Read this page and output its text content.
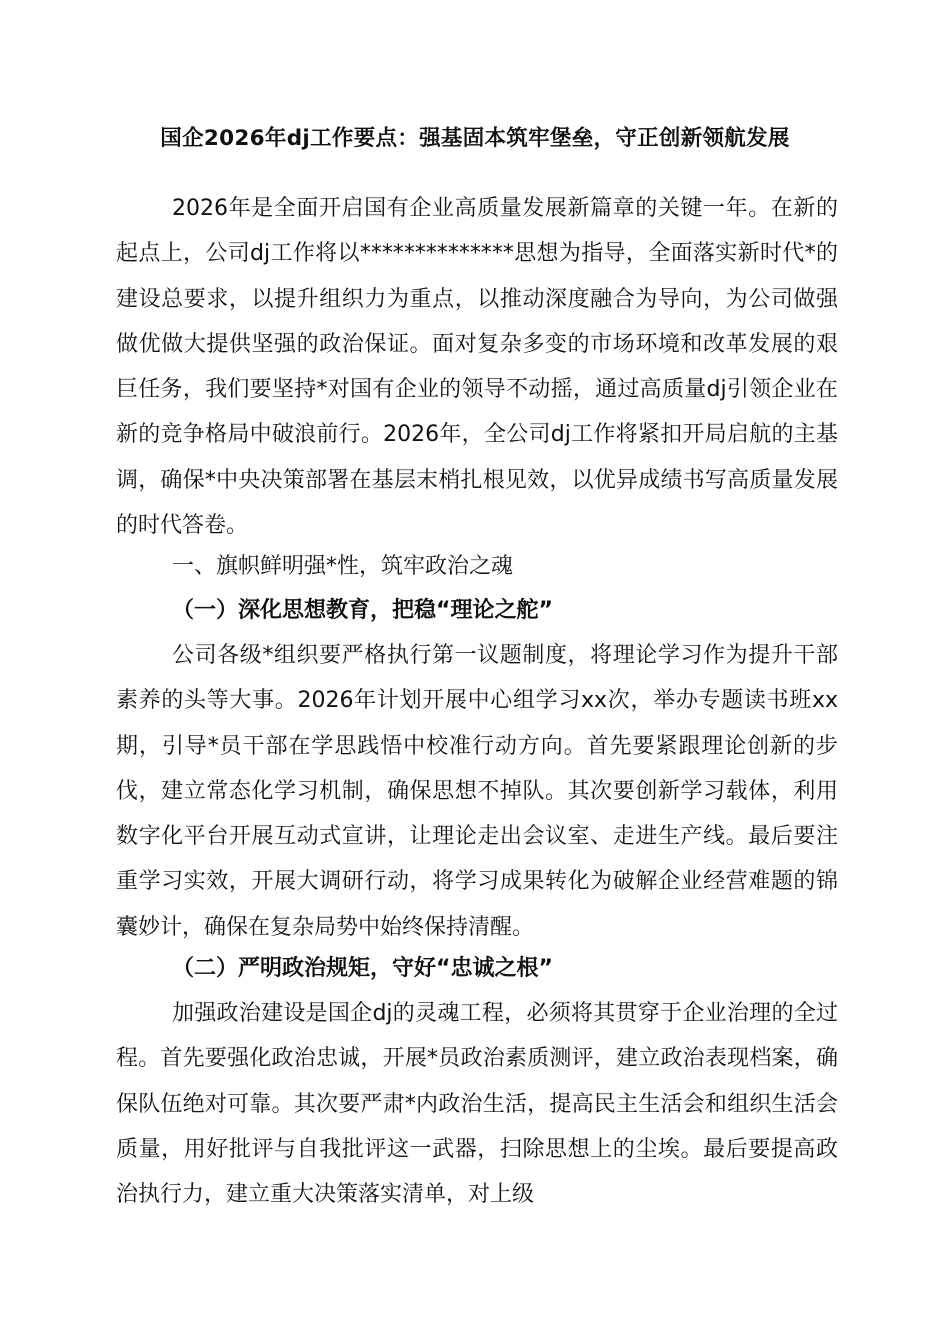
国企2026年dj工作要点：强基固本筑牢堡垒，守正创新领航发展

2026年是全面开启国有企业高质量发展新篇章的关键一年。在新的起点上，公司dj工作将以**************思想为指导，全面落实新时代*的建设总要求，以提升组织力为重点，以推动深度融合为导向，为公司做强做优做大提供坚强的政治保证。面对复杂多变的市场环境和改革发展的艰巨任务，我们要坚持*对国有企业的领导不动摇，通过高质量dj引领企业在新的竞争格局中破浪前行。2026年，全公司dj工作将紧扣开局启航的主基调，确保*中央决策部署在基层末梢扎根见效，以优异成绩书写高质量发展的时代答卷。

一、旗帜鲜明强*性，筑牢政治之魂

（一）深化思想教育，把稳“理论之舵”

公司各级*组织要严格执行第一议题制度，将理论学习作为提升干部素养的头等大事。2026年计划开展中心组学习xx次，举办专题读书班xx期，引导*员干部在学思践悟中校准行动方向。首先要紧跟理论创新的步伐，建立常态化学习机制，确保思想不掉队。其次要创新学习载体，利用数字化平台开展互动式宣讲，让理论走出会议室、走进生产线。最后要注重学习实效，开展大调研行动，将学习成果转化为破解企业经营难题的锦囊妙计，确保在复杂局势中始终保持清醒。

（二）严明政治规矩，守好“忠诚之根”

加强政治建设是国企dj的灵魂工程，必须将其贯穿于企业治理的全过程。首先要强化政治忠诚，开展*员政治素质测评，建立政治表现档案，确保队伍绝对可靠。其次要严肃*内政治生活，提高民主生活会和组织生活会质量，用好批评与自我批评这一武器，扫除思想上的尘埃。最后要提高政治执行力，建立重大决策落实清单，对上级
